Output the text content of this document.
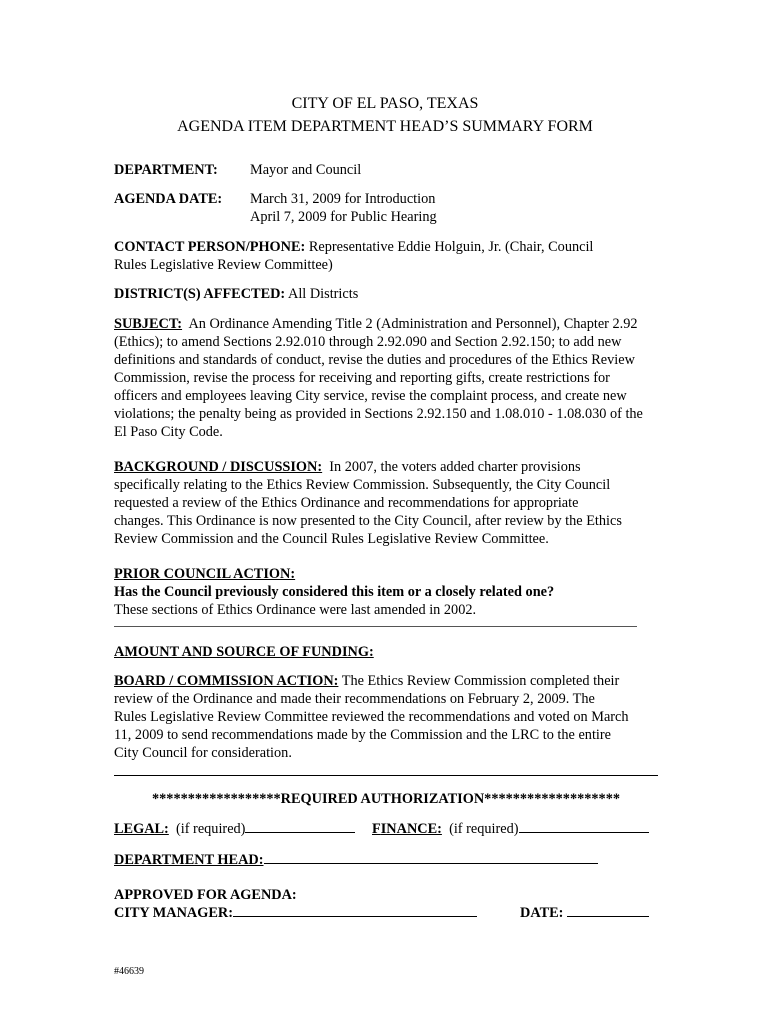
CITY OF EL PASO, TEXAS
AGENDA ITEM DEPARTMENT HEAD’S SUMMARY FORM
DEPARTMENT: Mayor and Council
AGENDA DATE: March 31, 2009 for Introduction
April 7, 2009 for Public Hearing
CONTACT PERSON/PHONE: Representative Eddie Holguin, Jr. (Chair, Council
Rules Legislative Review Committee)
DISTRICT(S) AFFECTED: All Districts
SUBJECT: An Ordinance Amending Title 2 (Administration and Personnel), Chapter 2.92
(Ethics); to amend Sections 2.92.010 through 2.92.090 and Section 2.92.150; to add new
definitions and standards of conduct, revise the duties and procedures of the Ethics Review
Commission, revise the process for receiving and reporting gifts, create restrictions for
officers and employees leaving City service, revise the complaint process, and create new
violations; the penalty being as provided in Sections 2.92.150 and 1.08.010 - 1.08.030 of the
El Paso City Code.
BACKGROUND / DISCUSSION: In 2007, the voters added charter provisions
specifically relating to the Ethics Review Commission. Subsequently, the City Council
requested a review of the Ethics Ordinance and recommendations for appropriate
changes. This Ordinance is now presented to the City Council, after review by the Ethics
Review Commission and the Council Rules Legislative Review Committee.
PRIOR COUNCIL ACTION:
Has the Council previously considered this item or a closely related one?
These sections of Ethics Ordinance were last amended in 2002.
AMOUNT AND SOURCE OF FUNDING:
BOARD / COMMISSION ACTION: The Ethics Review Commission completed their
review of the Ordinance and made their recommendations on February 2, 2009. The
Rules Legislative Review Committee reviewed the recommendations and voted on March
11, 2009 to send recommendations made by the Commission and the LRC to the entire
City Council for consideration.
******************REQUIRED AUTHORIZATION*******************
LEGAL: (if required)	FINANCE: (if required)
DEPARTMENT HEAD:
APPROVED FOR AGENDA:
CITY MANAGER:	DATE:
#46639
